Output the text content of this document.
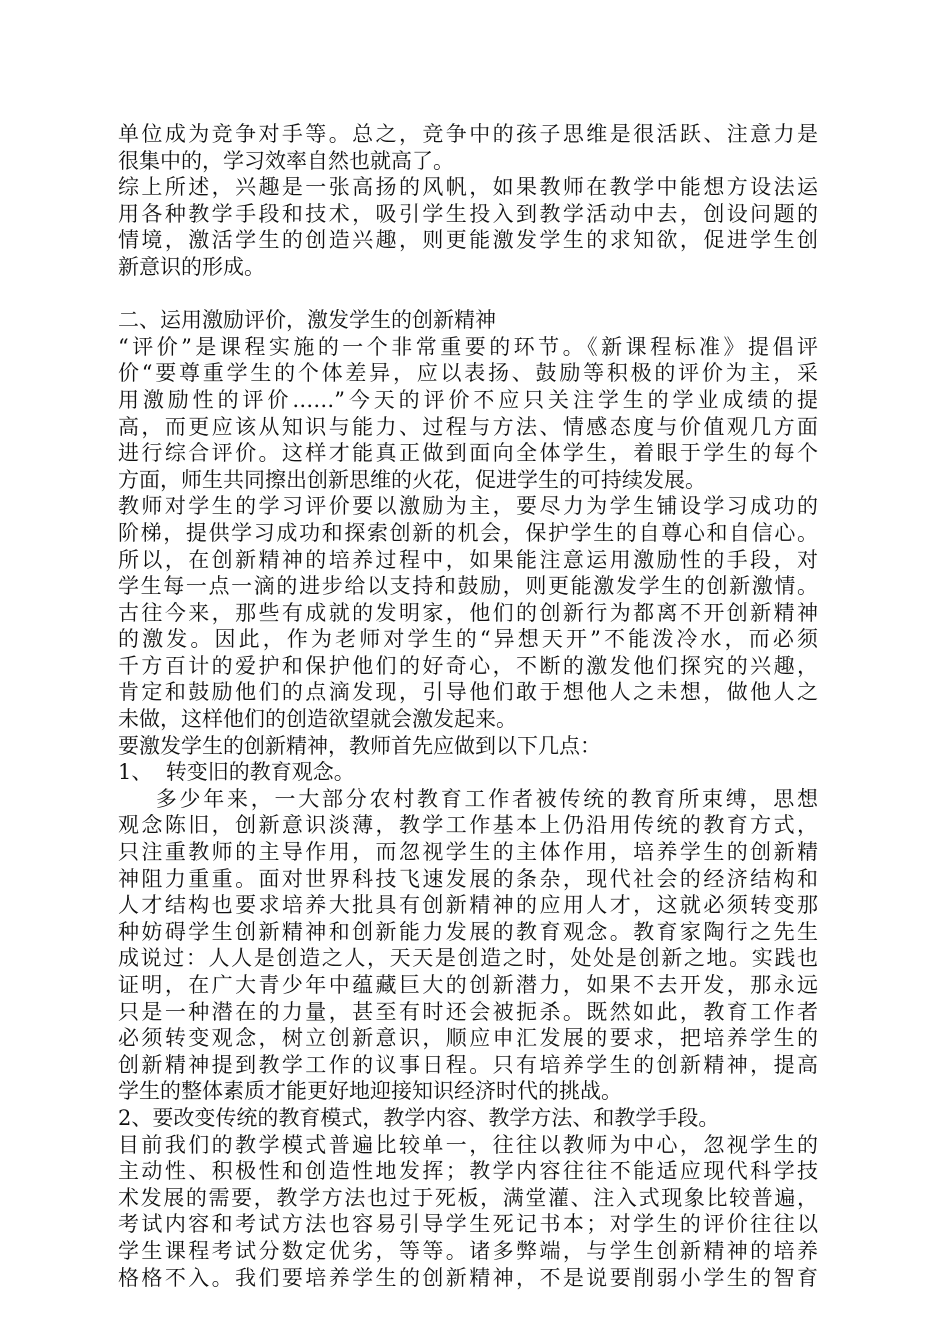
单位成为竞争对手等。总之，竞争中的孩子思维是很活跃、注意力是
很集中的，学习效率自然也就高了。
综上所述，兴趣是一张高扬的风帆，如果教师在教学中能想方设法运
用各种教学手段和技术，吸引学生投入到教学活动中去，创设问题的
情境，激活学生的创造兴趣，则更能激发学生的求知欲，促进学生创
新意识的形成。
二、运用激励评价，激发学生的创新精神
“评价”是课程实施的一个非常重要的环节。《新课程标准》提倡评
价“要尊重学生的个体差异，应以表扬、鼓励等积极的评价为主，采
用激励性的评价……”今天的评价不应只关注学生的学业成绩的提
高，而更应该从知识与能力、过程与方法、情感态度与价值观几方面
进行综合评价。这样才能真正做到面向全体学生，着眼于学生的每个
方面，师生共同擦出创新思维的火花，促进学生的可持续发展。
教师对学生的学习评价要以激励为主，要尽力为学生铺设学习成功的
阶梯，提供学习成功和探索创新的机会，保护学生的自尊心和自信心。
所以，在创新精神的培养过程中，如果能注意运用激励性的手段，对
学生每一点一滴的进步给以支持和鼓励，则更能激发学生的创新激情。
古往今来，那些有成就的发明家，他们的创新行为都离不开创新精神
的激发。因此，作为老师对学生的“异想天开”不能泼冷水，而必须
千方百计的爱护和保护他们的好奇心，不断的激发他们探究的兴趣，
肯定和鼓励他们的点滴发现，引导他们敢于想他人之未想，做他人之
未做，这样他们的创造欲望就会激发起来。
要激发学生的创新精神，教师首先应做到以下几点：
1、  转变旧的教育观念。
多少年来，一大部分农村教育工作者被传统的教育所束缚，思想
观念陈旧，创新意识淡薄，教学工作基本上仍沿用传统的教育方式，
只注重教师的主导作用，而忽视学生的主体作用，培养学生的创新精
神阻力重重。面对世界科技飞速发展的条杂，现代社会的经济结构和
人才结构也要求培养大批具有创新精神的应用人才，这就必须转变那
种妨碍学生创新精神和创新能力发展的教育观念。教育家陶行之先生
成说过：人人是创造之人，天天是创造之时，处处是创新之地。实践也
证明，在广大青少年中蕴藏巨大的创新潜力，如果不去开发，那永远
只是一种潜在的力量，甚至有时还会被扼杀。既然如此，教育工作者
必须转变观念，树立创新意识，顺应申汇发展的要求，把培养学生的
创新精神提到教学工作的议事日程。只有培养学生的创新精神，提高
学生的整体素质才能更好地迎接知识经济时代的挑战。
2、要改变传统的教育模式，教学内容、教学方法、和教学手段。
目前我们的教学模式普遍比较单一，往往以教师为中心，忽视学生的
主动性、积极性和创造性地发挥；教学内容往往不能适应现代科学技
术发展的需要，教学方法也过于死板，满堂灌、注入式现象比较普遍，
考试内容和考试方法也容易引导学生死记书本；对学生的评价往往以
学生课程考试分数定优劣，等等。诸多弊端，与学生创新精神的培养
格格不入。我们要培养学生的创新精神，不是说要削弱小学生的智育
